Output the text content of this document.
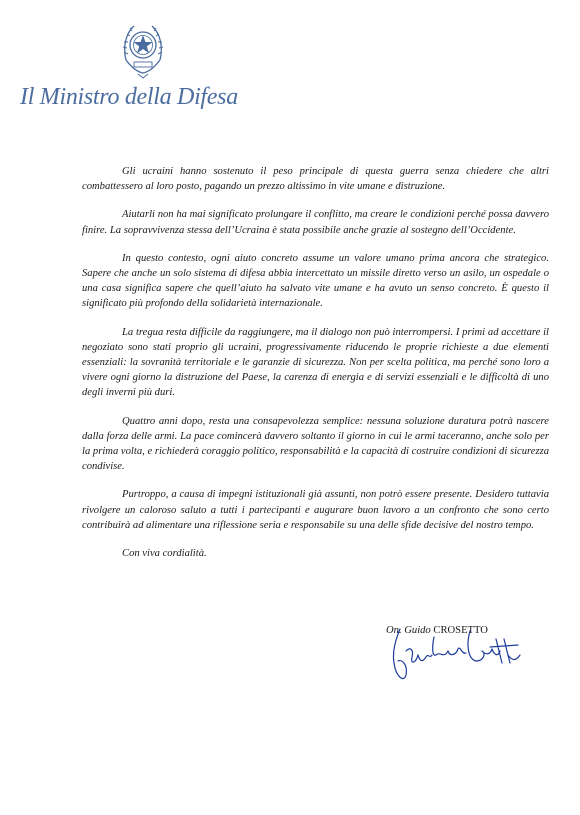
Il Ministro della Difesa

Gli ucraini hanno sostenuto il peso principale di questa guerra senza chiedere che altri combattessero al loro posto, pagando un prezzo altissimo in vite umane e distruzione.

Aiutarli non ha mai significato prolungare il conflitto, ma creare le condizioni perché possa davvero finire. La sopravvivenza stessa dell’Ucraina è stata possibile anche grazie al sostegno dell’Occidente.

In questo contesto, ogni aiuto concreto assume un valore umano prima ancora che strategico. Sapere che anche un solo sistema di difesa abbia intercettato un missile diretto verso un asilo, un ospedale o una casa significa sapere che quell’aiuto ha salvato vite umane e ha avuto un senso concreto. È questo il significato più profondo della solidarietà internazionale.

La tregua resta difficile da raggiungere, ma il dialogo non può interrompersi. I primi ad accettare il negoziato sono stati proprio gli ucraini, progressivamente riducendo le proprie richieste a due elementi essenziali: la sovranità territoriale e le garanzie di sicurezza. Non per scelta politica, ma perché sono loro a vivere ogni giorno la distruzione del Paese, la carenza di energia e di servizi essenziali e le difficoltà di uno degli inverni più duri.

Quattro anni dopo, resta una consapevolezza semplice: nessuna soluzione duratura potrà nascere dalla forza delle armi. La pace comincerà davvero soltanto il giorno in cui le armi taceranno, anche solo per la prima volta, e richiederà coraggio politico, responsabilità e la capacità di costruire condizioni di sicurezza condivise.

Purtroppo, a causa di impegni istituzionali già assunti, non potrò essere presente. Desidero tuttavia rivolgere un caloroso saluto a tutti i partecipanti e augurare buon lavoro a un confronto che sono certo contribuirà ad alimentare una riflessione seria e responsabile su una delle sfide decisive del nostro tempo.

Con viva cordialità.

On. Guido CROSETTO
